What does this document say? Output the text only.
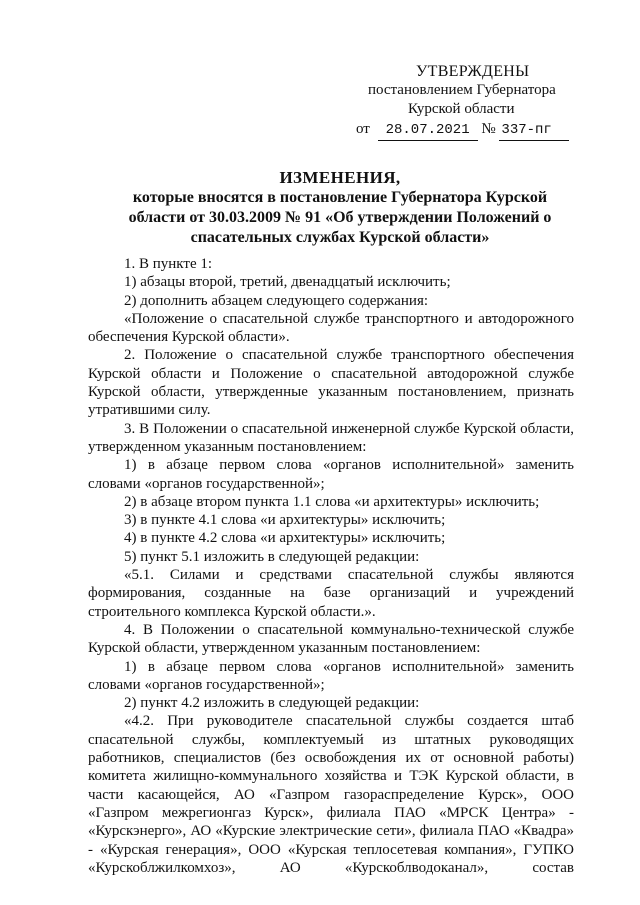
УТВЕРЖДЕНЫ
постановлением Губернатора
Курской области
от 28.07.2021 № 337-пг
ИЗМЕНЕНИЯ,
которые вносятся в постановление Губернатора Курской
области от 30.03.2009 № 91 «Об утверждении Положений о
спасательных службах Курской области»

1. В пункте 1:

1) абзацы второй, третий, двенадцатый исключить;

2) дополнить абзацем следующего содержания:

«Положение о спасательной службе транспортного и автодорожного обеспечения Курской области».

2. Положение о спасательной службе транспортного обеспечения Курской области и Положение о спасательной автодорожной службе Курской области, утвержденные указанным постановлением, признать утратившими силу.

3. В Положении о спасательной инженерной службе Курской области, утвержденном указанным постановлением:

1) в абзаце первом слова «органов исполнительной» заменить словами «органов государственной»;

2) в абзаце втором пункта 1.1 слова «и архитектуры» исключить;

3) в пункте 4.1 слова «и архитектуры» исключить;

4) в пункте 4.2 слова «и архитектуры» исключить;

5) пункт 5.1 изложить в следующей редакции:

«5.1. Силами и средствами спасательной службы являются формирования, созданные на базе организаций и учреждений строительного комплекса Курской области.».

4. В Положении о спасательной коммунально-технической службе Курской области, утвержденном указанным постановлением:

1) в абзаце первом слова «органов исполнительной» заменить словами «органов государственной»;

2) пункт 4.2 изложить в следующей редакции:

«4.2. При руководителе спасательной службы создается штаб спасательной службы, комплектуемый из штатных руководящих работников, специалистов (без освобождения их от основной работы) комитета жилищно-коммунального хозяйства и ТЭК Курской области, в части касающейся, АО «Газпром газораспределение Курск», ООО «Газпром межрегионгаз Курск», филиала ПАО «МРСК Центра» - «Курскэнерго», АО «Курские электрические сети», филиала ПАО «Квадра» - «Курская генерация», ООО «Курская теплосетевая компания», ГУПКО «Курскоблжилкомхоз», АО «Курскоблводоканал», состав
